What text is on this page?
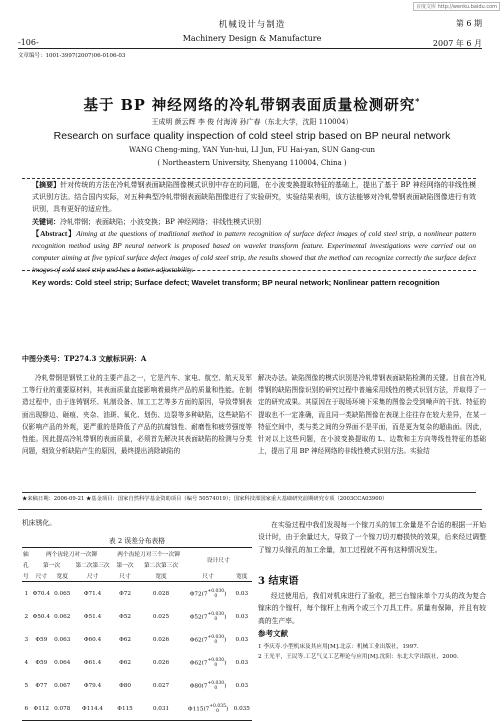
百度文库 http://wenku.baidu.com
机械设计与制造	第 6 期
-106-	Machinery Design & Manufacture
2007 年 6 月
文章编号：1001-3997(2007)06-0106-03
基于 BP 神经网络的冷轧带钢表面质量检测研究*
王成明 颜云辉 李 俊 付海涛 孙广春（东北大学，沈阳 110004）
Research on surface quality inspection of cold steel strip based on BP neural network
WANG Cheng-ming, YAN Yun-hui, LI Jun, FU Hai-yan, SUN Gang-cun
( Northeastern University, Shenyang 110004, China )

【摘要】针对传统的方法在冷轧带钢表面缺陷图像模式识别中存在的问题，在小波变换提取特征的基础上，提出了基于 BP 神经网络的非线性模式识别方法。结合国内实际，对五种典型冷轧带钢表面缺陷图像进行了实验研究，实验结果表明，该方法能够对冷轧带钢表面缺陷图像进行有效识别，具有更好的适应性。

关键词：冷轧带钢；表面缺陷；小波变换；BP 神经网络；非线性模式识别

【Abstract】Aiming at the questions of traditional method in pattern recognition of surface defect images of cold steel strip, a nonlinear pattern recognition method using BP neural network is proposed based on wavelet transform feature. Experimental investigations were carried out on computer aiming at five typical surface defect images of cold steel strip, the results showed that the method can recognize correctly the surface defect images of cold steel strip and has a better adjustability.

Key words: Cold steel strip; Surface defect; Wavelet transform; BP neural network; Nonlinear pattern recognition

中图分类号：TP274.3 文献标识码：A

冷轧带钢是钢铁工业的主要产品之一，它是汽车、家电、航空、航天及军工等行业的重要原材料，其表面质量直接影响着最终产品的质量和性能。在制造过程中，由于连铸钢坯、轧制设备、加工工艺等多方面的原因，导致带钢表面出现辥边、砸痕、夹杂、油斑、氧化、划伤、边裂等多种缺陷，这些缺陷不仅影响产品的外观，更严重的是降低了产品的抗腐蚀性、耐磨性和疲劳强度等性能。因此提高冷轧带钢的表面质量，必须首先解决其表面缺陷的检测与分类问题，细致分析缺陷产生的原因，最终提出消除缺陷的

解决办法。缺陷图像的模式识别是冷轧带钢表面缺陷检测的关键。目前在冷轧带钢的缺陷图像识别的研究过程中普遍采用线性的模式识别方法，并取得了一定的研究成果。其原因在于现场环境下采集的图像会受到噪声的干扰、特征的提取也不一定准确，而且同一类缺陷图像在表现上往往存在较大差异，在某一特征空间中，类与类之间的分界面不是平面，而是更为复杂的超曲面。因此，针对以上这些问题，在小波变换提取的 L、边数和主方向等线性特征的基础上，提出了用 BP 神经网络的非线性模式识别方法。实验结

★来稿日期：2006-09-21 ★基金项目：国家自然科学基金资助项目（编号 50574019）；国家科技部国家重大基础研究前期研究专项（2003CCA03900）
机床锈化。
表 2 误差分布表格
轴	两个齿轮刀对一次铆			两个齿轮刀对三个一次铆		设计尺寸	
孔	第一次		第二次第三次	第一次	第二次第三次		
号	尺寸	宽度	尺寸	尺寸	宽度	尺寸	宽度
1	Φ70.4	0.065	Φ71.4	Φ72	0.028	Φ72(7 +0.030
0 )	0.03
2	Φ50.4	0.062	Φ51.4	Φ52	0.025	Φ52(7 +0.030
0 )	0.03
3	Φ59	0.063	Φ60.4	Φ62	0.026	Φ62(7 +0.030
0 )	0.03
4	Φ59	0.064	Φ61.4	Φ62	0.026	Φ62(7 +0.030
0 )	0.03
5	Φ77	0.067	Φ79.4	Φ80	0.027	Φ80(7 +0.030
0 )	0.03
6	Φ112	0.078	Φ114.4	Φ115	0.031	Φ115(7 +0.035
0 )	0.035

在实验过程中我们发现每一个镓刀头的加工余量是不合适的根据一开始设计时，由于余量过大，导致了一个镓刀切刃磨损快的效果，后来经过调整了镓刀头镓孔的加工余量，加工过程就不再有这种情况发生。

3 结束语

经过使用后，我们对机床进行了验收，把三台镓床单个刀头的改为复合镓床的个镓杆，每个镓杆上有两个或三个刀具工件。质量有保障，并且有较高的生产率。

参考文献
1 李庆寿.小型机床及其应用[M].北京：机械工业出版社，1997.
2 王光平，王民等.工艺气义工艺理论与应用[M].沈阳：东北大学出版社，2000.
